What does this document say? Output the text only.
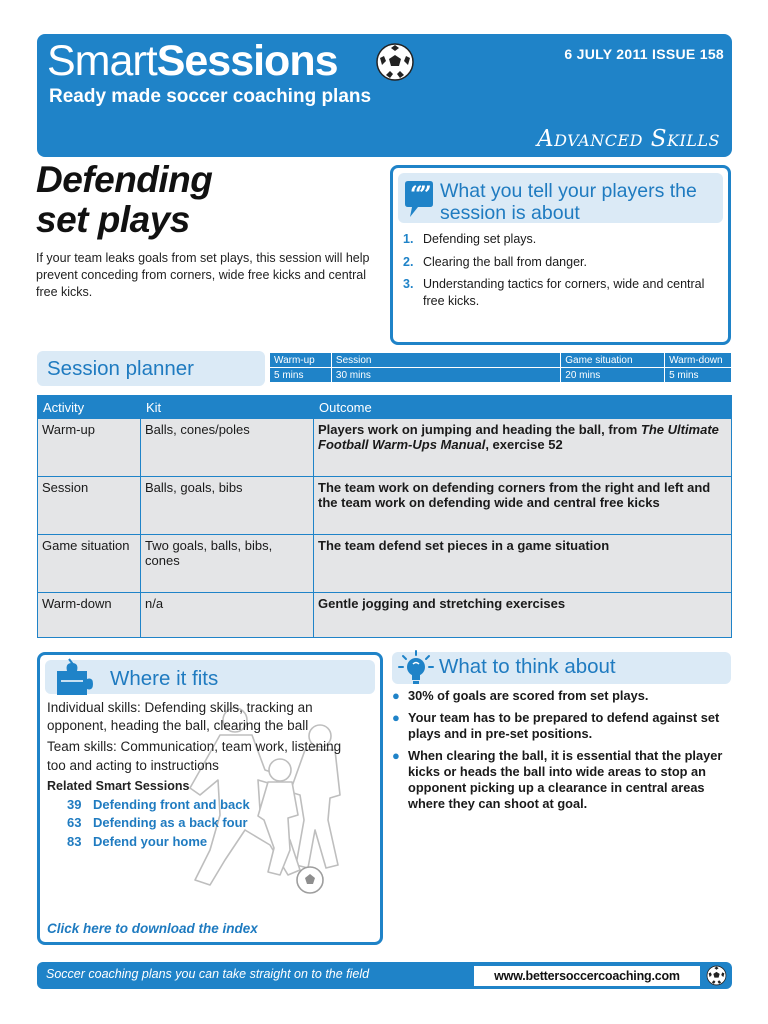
SmartSessions
Ready made soccer coaching plans
6 JULY 2011 ISSUE 158
Advanced Skills
Defending
set plays
If your team leaks goals from set plays, this session will help prevent conceding from corners, wide free kicks and central free kicks.
“
” What you tell your players the session is about
1. Defending set plays.
2. Clearing the ball from danger.
3. Understanding tactics for corners, wide and central free kicks.
Session planner	Warm-up	Session	Game situation	Warm-down
5 mins	30 mins	20 mins	5 mins
Activity	Kit	Outcome
Warm-up	Balls, cones/poles	Players work on jumping and heading the ball, from The Ultimate Football Warm-Ups Manual, exercise 52
Session	Balls, goals, bibs	The team work on defending corners from the right and left and the team work on defending wide and central free kicks
Game situation	Two goals, balls, bibs, cones	The team defend set pieces in a game situation
Warm-down	n/a	Gentle jogging and stretching exercises
Where it fits

Individual skills: Defending skills, tracking an opponent, heading the ball, clearing the ball

Team skills: Communication, team work, listening too and acting to instructions

Related Smart Sessions
39 Defending front and back
63 Defending as a back four
83 Defend your home
Click here to download the index
What to think about
● 30% of goals are scored from set plays.
● Your team has to be prepared to defend against set plays and in pre-set positions.
● When clearing the ball, it is essential that the player kicks or heads the ball into wide areas to stop an opponent picking up a clearance in central areas where they can shoot at goal.
Soccer coaching plans you can take straight on to the field	www.bettersoccercoaching.com
